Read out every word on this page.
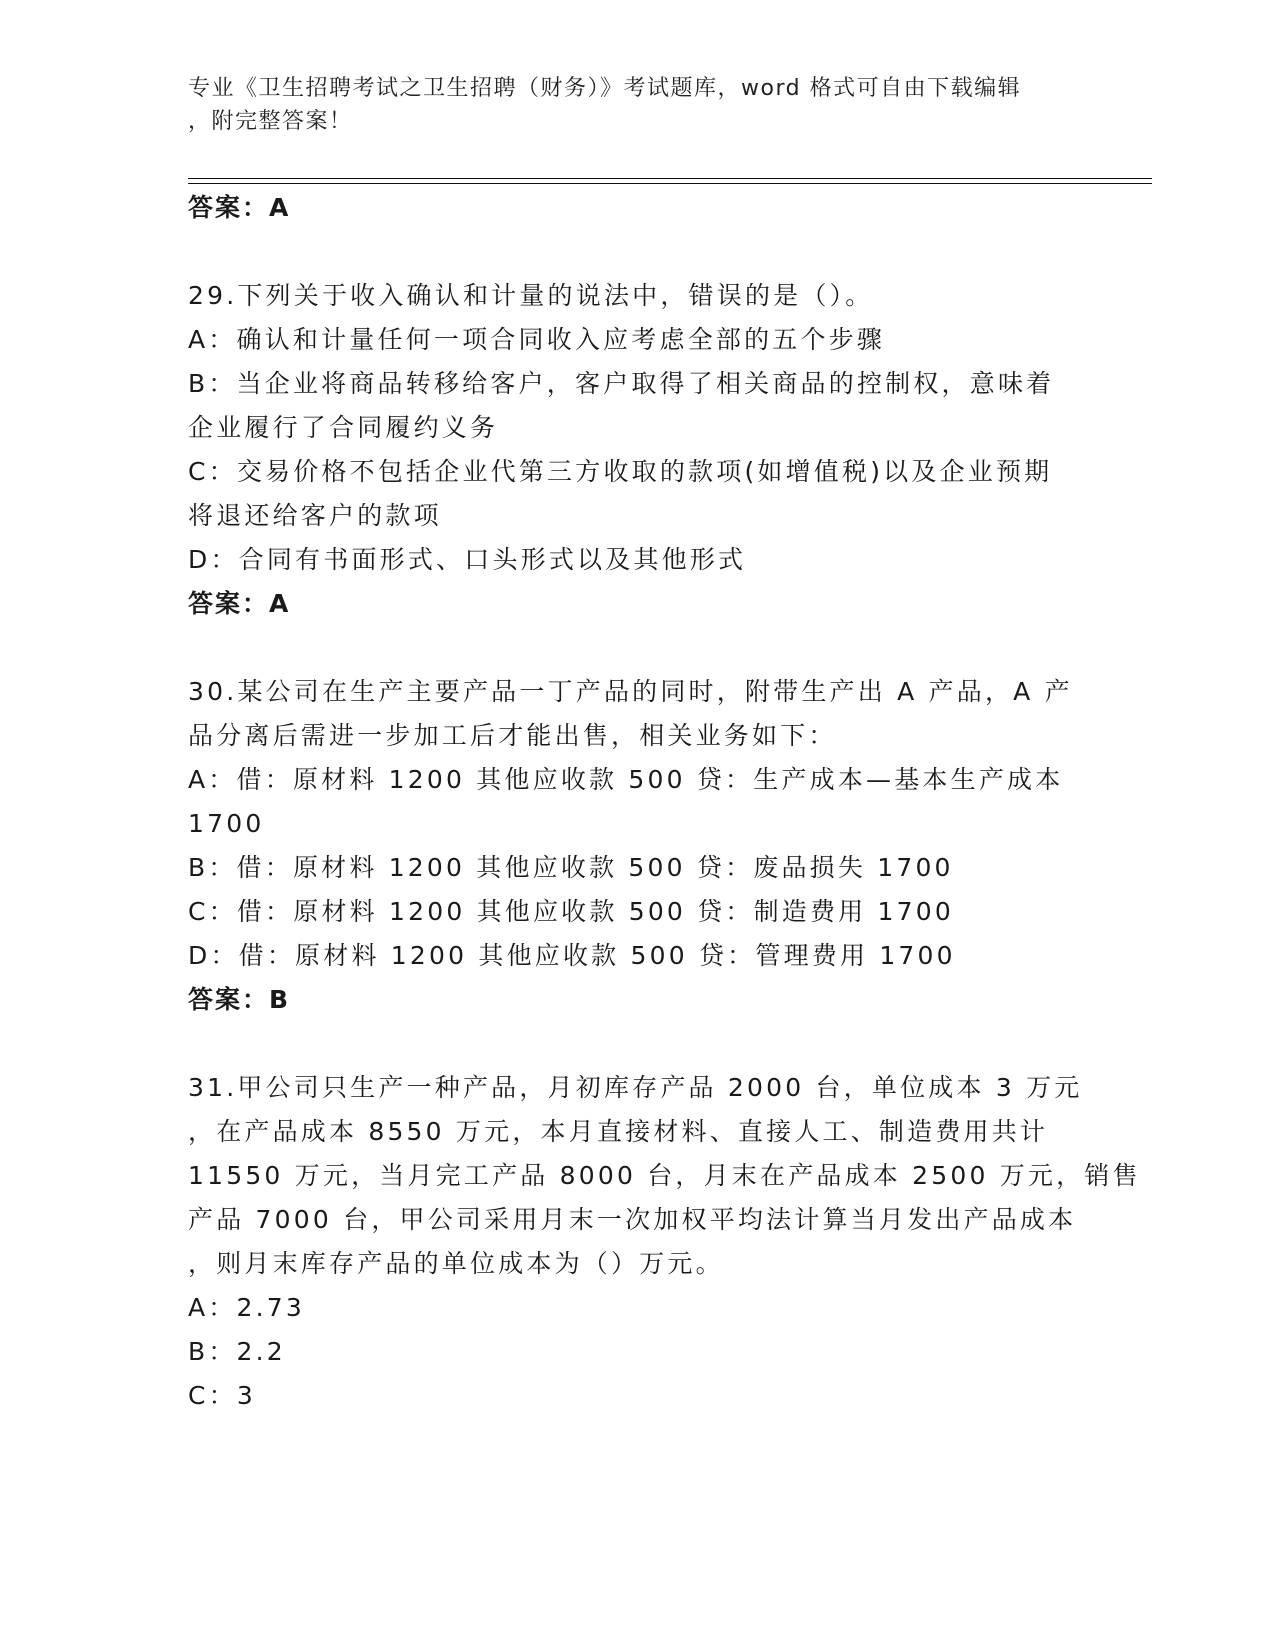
专业《卫生招聘考试之卫生招聘（财务）》考试题库，word 格式可自由下载编辑
，附完整答案！
答案：A
29.下列关于收入确认和计量的说法中，错误的是（）。
A：确认和计量任何一项合同收入应考虑全部的五个步骤
B：当企业将商品转移给客户，客户取得了相关商品的控制权，意味着
企业履行了合同履约义务
C：交易价格不包括企业代第三方收取的款项(如增值税)以及企业预期
将退还给客户的款项
D：合同有书面形式、口头形式以及其他形式
答案：A
30.某公司在生产主要产品一丁产品的同时，附带生产出 A 产品，A 产
品分离后需进一步加工后才能出售，相关业务如下：
A：借：原材料 1200 其他应收款 500 贷：生产成本—基本生产成本
1700
B：借：原材料 1200 其他应收款 500 贷：废品损失 1700
C：借：原材料 1200 其他应收款 500 贷：制造费用 1700
D：借：原材料 1200 其他应收款 500 贷：管理费用 1700
答案：B
31.甲公司只生产一种产品，月初库存产品 2000 台，单位成本 3 万元
，在产品成本 8550 万元，本月直接材料、直接人工、制造费用共计
11550 万元，当月完工产品 8000 台，月末在产品成本 2500 万元，销售
产品 7000 台，甲公司采用月末一次加权平均法计算当月发出产品成本
，则月末库存产品的单位成本为（）万元。
A：2.73
B：2.2
C：3
